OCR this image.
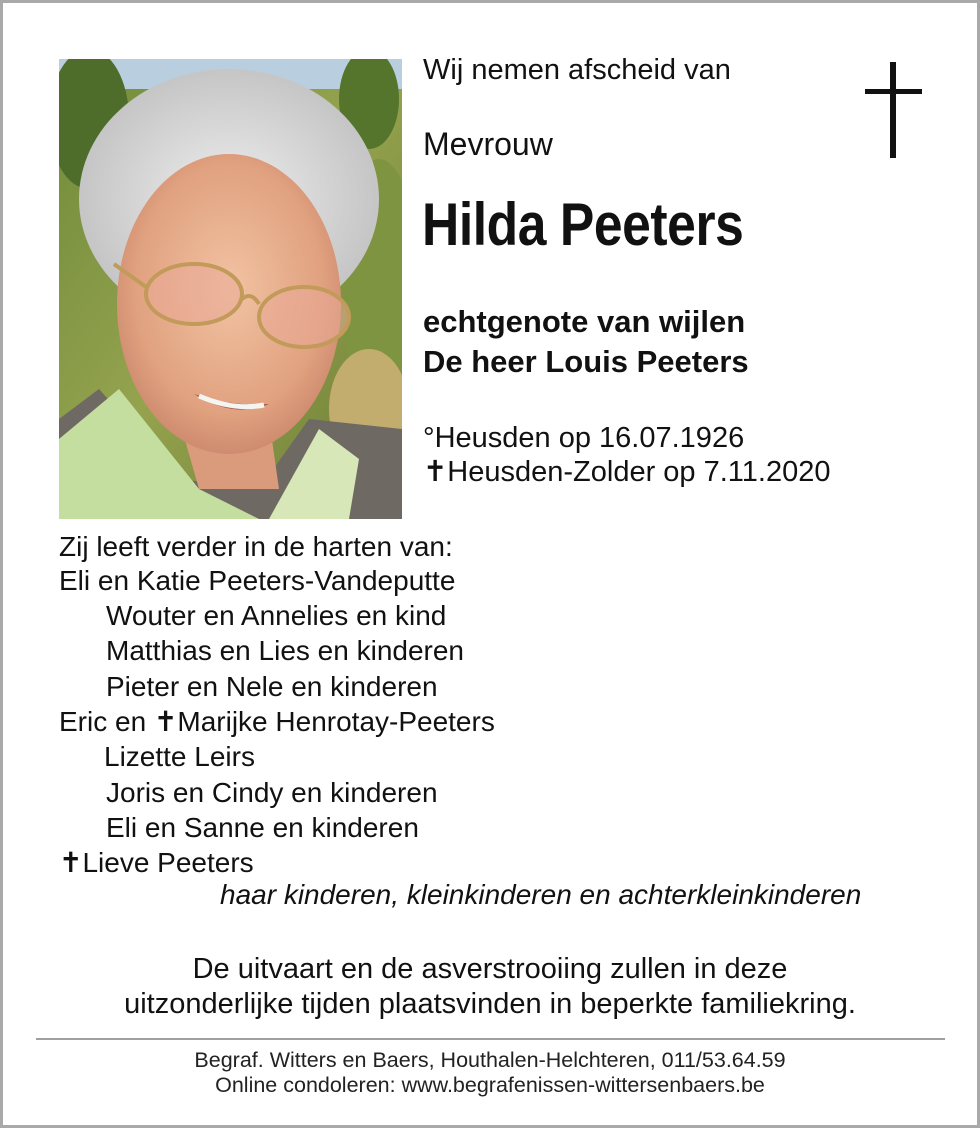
Wij nemen afscheid van
Mevrouw
Hilda Peeters
echtgenote van wijlen
De heer Louis Peeters
°Heusden op 16.07.1926
✝Heusden-Zolder op 7.11.2020
Zij leeft verder in de harten van:
Eli en Katie Peeters-Vandeputte
Wouter en Annelies en kind
Matthias en Lies en kinderen
Pieter en Nele en kinderen
Eric en ✝Marijke Henrotay-Peeters
Lizette Leirs
Joris en Cindy en kinderen
Eli en Sanne en kinderen
✝Lieve Peeters
haar kinderen, kleinkinderen en achterkleinkinderen
De uitvaart en de asverstrooiing zullen in deze
uitzonderlijke tijden plaatsvinden in beperkte familiekring.
Begraf. Witters en Baers, Houthalen-Helchteren, 011/53.64.59
Online condoleren: www.begrafenissen-wittersenbaers.be
